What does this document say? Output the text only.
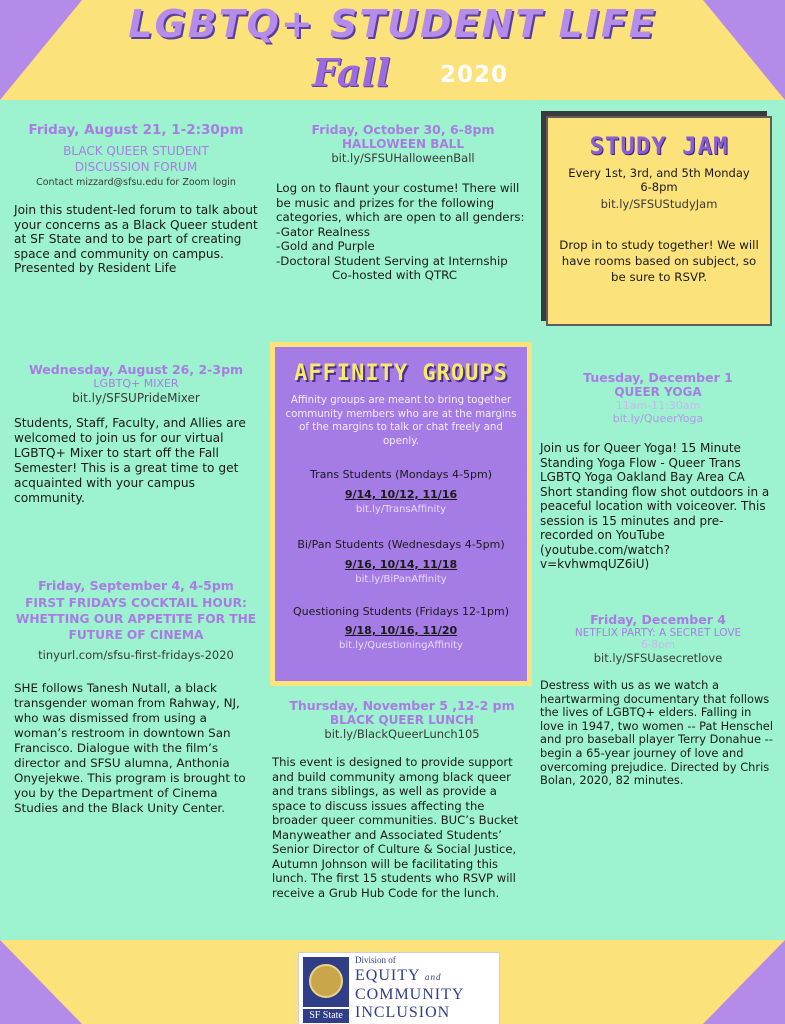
LGBTQ+ STUDENT LIFE
Fall 2020
Friday, August 21, 1-2:30pm
BLACK QUEER STUDENT
DISCUSSION FORUM
Contact mizzard@sfsu.edu for Zoom login
Join this student-led forum to talk about your concerns as a Black Queer student at SF State and to be part of creating space and community on campus. Presented by Resident Life
Wednesday, August 26, 2-3pm
LGBTQ+ MIXER
bit.ly/SFSUPrideMixer
Students, Staff, Faculty, and Allies are welcomed to join us for our virtual LGBTQ+ Mixer to start off the Fall Semester! This is a great time to get acquainted with your campus community.
Friday, September 4, 4-5pm
FIRST FRIDAYS COCKTAIL HOUR: WHETTING OUR APPETITE FOR THE FUTURE OF CINEMA
tinyurl.com/sfsu-first-fridays-2020
SHE follows Tanesh Nutall, a black transgender woman from Rahway, NJ, who was dismissed from using a woman’s restroom in downtown San Francisco. Dialogue with the film’s director and SFSU alumna, Anthonia Onyejekwe. This program is brought to you by the Department of Cinema Studies and the Black Unity Center.
Friday, October 30, 6-8pm
HALLOWEEN BALL
bit.ly/SFSUHalloweenBall
Log on to flaunt your costume! There will be music and prizes for the following categories, which are open to all genders:
-Gator Realness
-Gold and Purple
-Doctoral Student Serving at Internship
Co-hosted with QTRC
AFFINITY GROUPS
Affinity groups are meant to bring together community members who are at the margins of the margins to talk or chat freely and openly.
Trans Students (Mondays 4-5pm)
9/14, 10/12, 11/16
bit.ly/TransAffinity
Bi/Pan Students (Wednesdays 4-5pm)
9/16, 10/14, 11/18
bit.ly/BiPanAffinity
Questioning Students (Fridays 12-1pm)
9/18, 10/16, 11/20
bit.ly/QuestioningAffinity
Thursday, November 5 ,12-2 pm
BLACK QUEER LUNCH
bit.ly/BlackQueerLunch105
This event is designed to provide support and build community among black queer and trans siblings, as well as provide a space to discuss issues affecting the broader queer communities. BUC’s Bucket Manyweather and Associated Students’ Senior Director of Culture & Social Justice, Autumn Johnson will be facilitating this lunch. The first 15 students who RSVP will receive a Grub Hub Code for the lunch.
STUDY JAM
Every 1st, 3rd, and 5th Monday
6-8pm
bit.ly/SFSUStudyJam
Drop in to study together! We will have rooms based on subject, so be sure to RSVP.
Tuesday, December 1
QUEER YOGA
11am-11:30am
bit.ly/QueerYoga
Join us for Queer Yoga! 15 Minute Standing Yoga Flow - Queer Trans LGBTQ Yoga Oakland Bay Area CA Short standing flow shot outdoors in a peaceful location with voiceover. This session is 15 minutes and pre-recorded on YouTube (youtube.com/watch?v=kvhwmqUZ6iU)
Friday, December 4
NETFLIX PARTY: A SECRET LOVE
6-8pm
bit.ly/SFSUasecretlove
Destress with us as we watch a heartwarming documentary that follows the lives of LGBTQ+ elders. Falling in love in 1947, two women -- Pat Henschel and pro baseball player Terry Donahue -- begin a 65-year journey of love and overcoming prejudice. Directed by Chris Bolan, 2020, 82 minutes.
SF State
Division of
EQUITY and
COMMUNITY
INCLUSION
